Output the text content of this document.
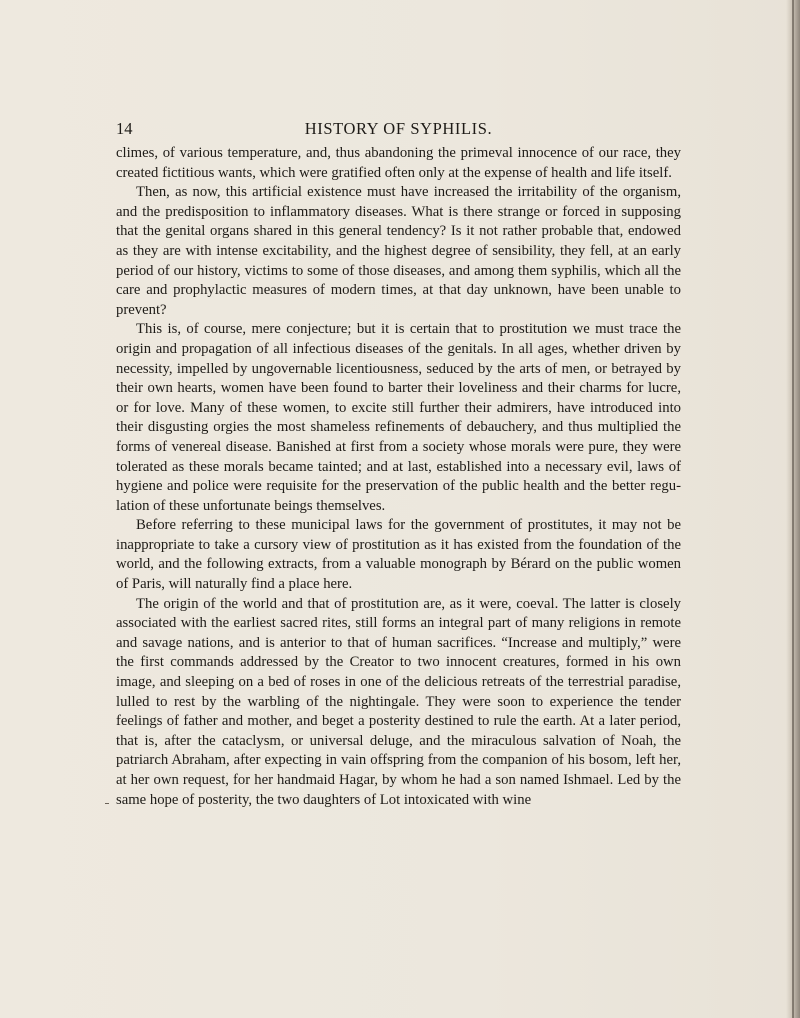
14	HISTORY OF SYPHILIS.

climes, of various temperature, and, thus abandoning the primeval innocence of our race, they created fictitious wants, which were gratified often only at the expense of health and life itself.

Then, as now, this artificial existence must have increased the irritability of the organism, and the predisposition to inflammatory diseases. What is there strange or forced in supposing that the genital organs shared in this general tendency? Is it not rather probable that, endowed as they are with intense excitability, and the highest degree of sensibility, they fell, at an early period of our history, victims to some of those diseases, and among them syphilis, which all the care and prophylactic measures of modern times, at that day unknown, have been unable to prevent?

This is, of course, mere conjecture; but it is certain that to prostitution we must trace the origin and propagation of all infectious diseases of the genitals. In all ages, whether driven by necessity, impelled by ungovernable licentiousness, seduced by the arts of men, or betrayed by their own hearts, women have been found to barter their loveliness and their charms for lucre, or for love. Many of these women, to excite still further their admirers, have introduced into their disgusting orgies the most shameless refinements of debauchery, and thus multiplied the forms of venereal disease. Banished at first from a society whose morals were pure, they were tolerated as these morals became tainted; and at last, established into a necessary evil, laws of hygiene and police were requisite for the preservation of the public health and the better regulation of these unfortunate beings themselves.

Before referring to these municipal laws for the government of prostitutes, it may not be inappropriate to take a cursory view of prostitution as it has existed from the foundation of the world, and the following extracts, from a valuable monograph by Bérard on the public women of Paris, will naturally find a place here.

The origin of the world and that of prostitution are, as it were, coeval. The latter is closely associated with the earliest sacred rites, still forms an integral part of many religions in remote and savage nations, and is anterior to that of human sacrifices. “Increase and multiply,” were the first commands addressed by the Creator to two innocent creatures, formed in his own image, and sleeping on a bed of roses in one of the delicious retreats of the terrestrial paradise, lulled to rest by the warbling of the nightingale. They were soon to experience the tender feelings of father and mother, and beget a posterity destined to rule the earth. At a later period, that is, after the cataclysm, or universal deluge, and the miraculous salvation of Noah, the patriarch Abraham, after expecting in vain offspring from the companion of his bosom, left her, at her own request, for her handmaid Hagar, by whom he had a son named Ishmael. Led by the same hope of posterity, the two daughters of Lot intoxicated with wine
